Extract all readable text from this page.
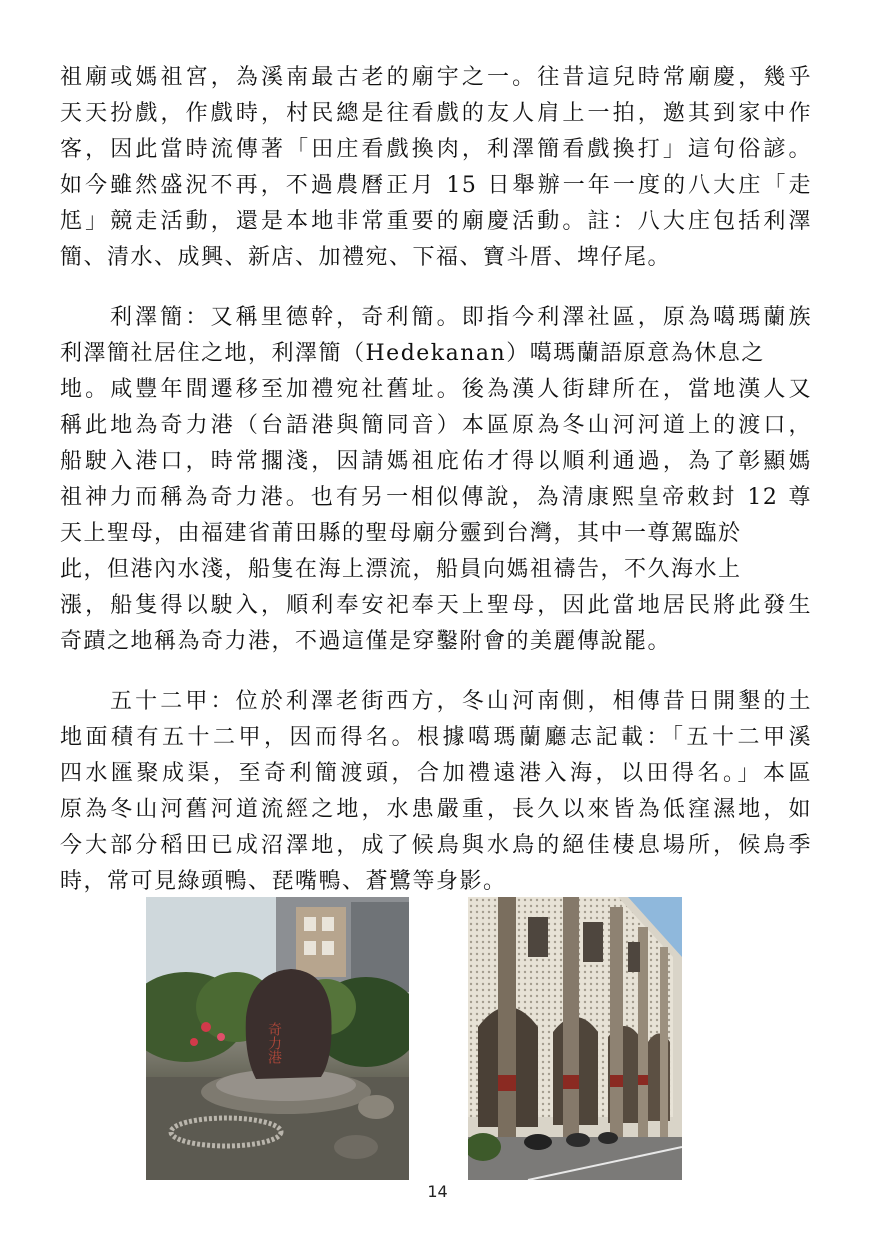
祖廟或媽祖宮，為溪南最古老的廟宇之一。往昔這兒時常廟慶，幾乎
天天扮戲，作戲時，村民總是往看戲的友人肩上一拍，邀其到家中作
客，因此當時流傳著「田庄看戲換肉，利澤簡看戲換打」這句俗諺。
如今雖然盛況不再，不過農曆正月 15 日舉辦一年一度的八大庄「走
尪」競走活動，還是本地非常重要的廟慶活動。註：八大庄包括利澤
簡、清水、成興、新店、加禮宛、下福、寶斗厝、埤仔尾。
利澤簡：又稱里德幹，奇利簡。即指今利澤社區，原為噶瑪蘭族
利澤簡社居住之地，利澤簡（Hedekanan）噶瑪蘭語原意為休息之
地。咸豐年間遷移至加禮宛社舊址。後為漢人街肆所在，當地漢人又
稱此地為奇力港（台語港與簡同音）本區原為冬山河河道上的渡口，
船駛入港口，時常擱淺，因請媽祖庇佑才得以順利通過，為了彰顯媽
祖神力而稱為奇力港。也有另一相似傳說，為清康熙皇帝敕封 12 尊
天上聖母，由福建省莆田縣的聖母廟分靈到台灣，其中一尊駕臨於
此，但港內水淺，船隻在海上漂流，船員向媽祖禱告，不久海水上
漲，船隻得以駛入，順利奉安祀奉天上聖母，因此當地居民將此發生
奇蹟之地稱為奇力港，不過這僅是穿鑿附會的美麗傳說罷。
五十二甲：位於利澤老街西方，冬山河南側，相傳昔日開墾的土
地面積有五十二甲，因而得名。根據噶瑪蘭廳志記載：「五十二甲溪
四水匯聚成渠，至奇利簡渡頭，合加禮遠港入海，以田得名。」本區
原為冬山河舊河道流經之地，水患嚴重，長久以來皆為低窪濕地，如
今大部分稻田已成沼澤地，成了候鳥與水鳥的絕佳棲息場所，候鳥季
時，常可見綠頭鴨、琵嘴鴨、蒼鷺等身影。
奇力港
14
